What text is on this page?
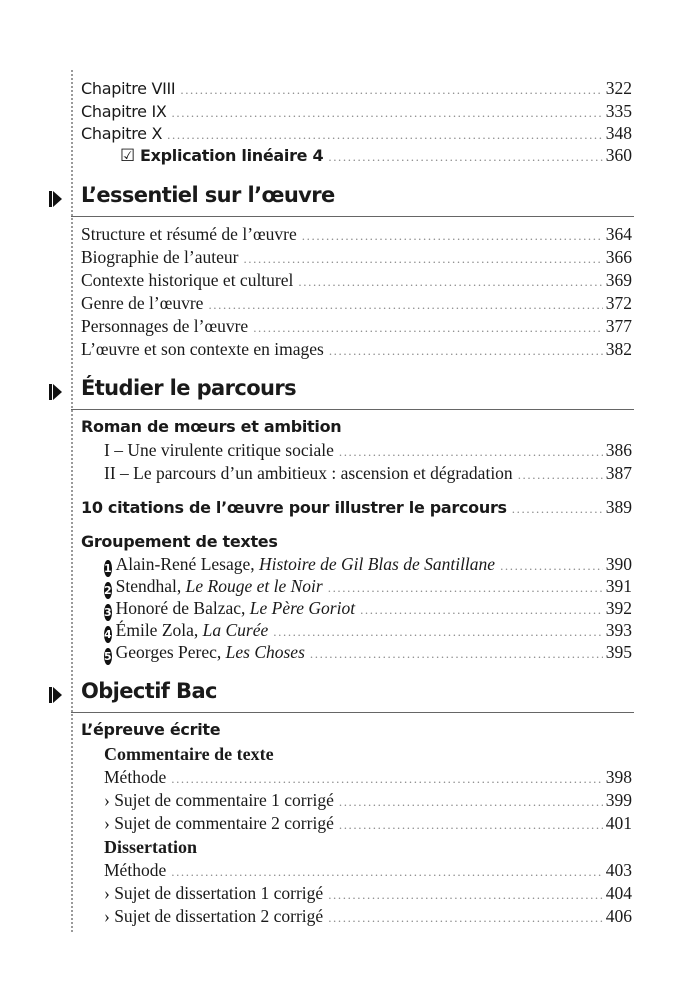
Chapitre VIII .....	322
Chapitre IX .....	335
Chapitre X .....	348
☑ Explication linéaire 4 .....	360
L’essentiel sur l’œuvre
Structure et résumé de l’œuvre .....	364
Biographie de l’auteur .....	366
Contexte historique et culturel .....	369
Genre de l’œuvre .....	372
Personnages de l’œuvre .....	377
L’œuvre et son contexte en images .....	382
Étudier le parcours
Roman de mœurs et ambition
I – Une virulente critique sociale .....	386
II – Le parcours d’un ambitieux : ascension et dégradation .....	387
10 citations de l’œuvre pour illustrer le parcours .....	389
Groupement de textes
1 Alain-René Lesage, Histoire de Gil Blas de Santillane .....	390
2 Stendhal, Le Rouge et le Noir .....	391
3 Honoré de Balzac, Le Père Goriot .....	392
4 Émile Zola, La Curée .....	393
5 Georges Perec, Les Choses .....	395
Objectif Bac
L’épreuve écrite
Commentaire de texte
Méthode .....	398
› Sujet de commentaire 1 corrigé .....	399
› Sujet de commentaire 2 corrigé .....	401
Dissertation
Méthode .....	403
› Sujet de dissertation 1 corrigé .....	404
› Sujet de dissertation 2 corrigé .....	406
